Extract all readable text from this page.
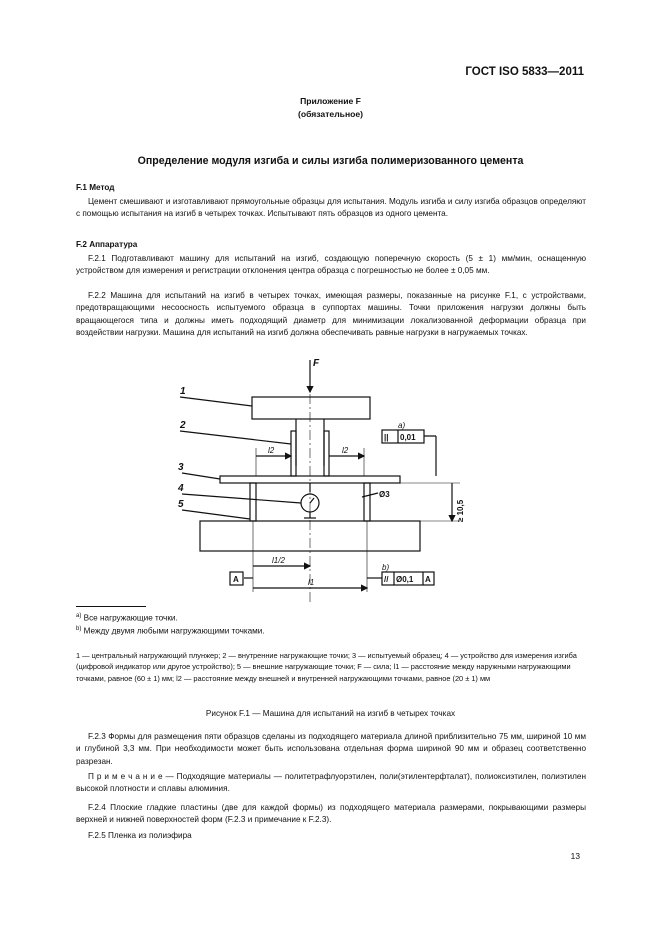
ГОСТ ISO 5833—2011
Приложение F
(обязательное)
Определение модуля изгиба и силы изгиба полимеризованного цемента
F.1 Метод
Цемент смешивают и изготавливают прямоугольные образцы для испытания. Модуль изгиба и силу изгиба образцов определяют с помощью испытания на изгиб в четырех точках. Испытывают пять образцов из одного цемента.
F.2 Аппаратура
F.2.1 Подготавливают машину для испытаний на изгиб, создающую поперечную скорость (5 ± 1) мм/мин, оснащенную устройством для измерения и регистрации отклонения центра образца с погрешностью не более ± 0,05 мм.
F.2.2 Машина для испытаний на изгиб в четырех точках, имеющая размеры, показанные на рисунке F.1, с устройствами, предотвращающими несоосность испытуемого образца в суппортах машины. Точки приложения нагрузки должны быть вращающегося типа и должны иметь подходящий диаметр для минимизации локализованной деформации образца при воздействии нагрузки. Машина для испытаний на изгиб должна обеспечивать равные нагрузки в нагружаемых точках.
F
1
2
3
4
5
l2	l2
l1/2
l1
a)
b)
|| 0,01
// Ø0,1 A
A
Ø3
≥ 10,5
$^{a)}$ Все нагружающие точки.
$^{b)}$ Между двумя любыми нагружающими точками.
1 — центральный нагружающий плунжер; 2 — внутренние нагружающие точки; 3 — испытуемый образец; 4 — устройство для измерения изгиба (цифровой индикатор или другое устройство); 5 — внешние нагружающие точки; F — сила; l1 — расстояние между наружными нагружающими точками, равное (60 ± 1) мм; l2 — расстояние между внешней и внутренней нагружающими точками, равное (20 ± 1) мм
Рисунок F.1 — Машина для испытаний на изгиб в четырех точках
F.2.3 Формы для размещения пяти образцов сделаны из подходящего материала длиной приблизительно 75 мм, шириной 10 мм и глубиной 3,3 мм. При необходимости может быть использована отдельная форма шириной 90 мм и образец соответственно разрезан.
П р и м е ч а н и е — Подходящие материалы — политетрафлуорэтилен, поли(этилентерфталат), полиоксиэтилен, полиэтилен высокой плотности и сплавы алюминия.
F.2.4 Плоские гладкие пластины (две для каждой формы) из подходящего материала размерами, покрывающими размеры верхней и нижней поверхностей форм (F.2.3 и примечание к F.2.3).
F.2.5 Пленка из полиэфира
13
